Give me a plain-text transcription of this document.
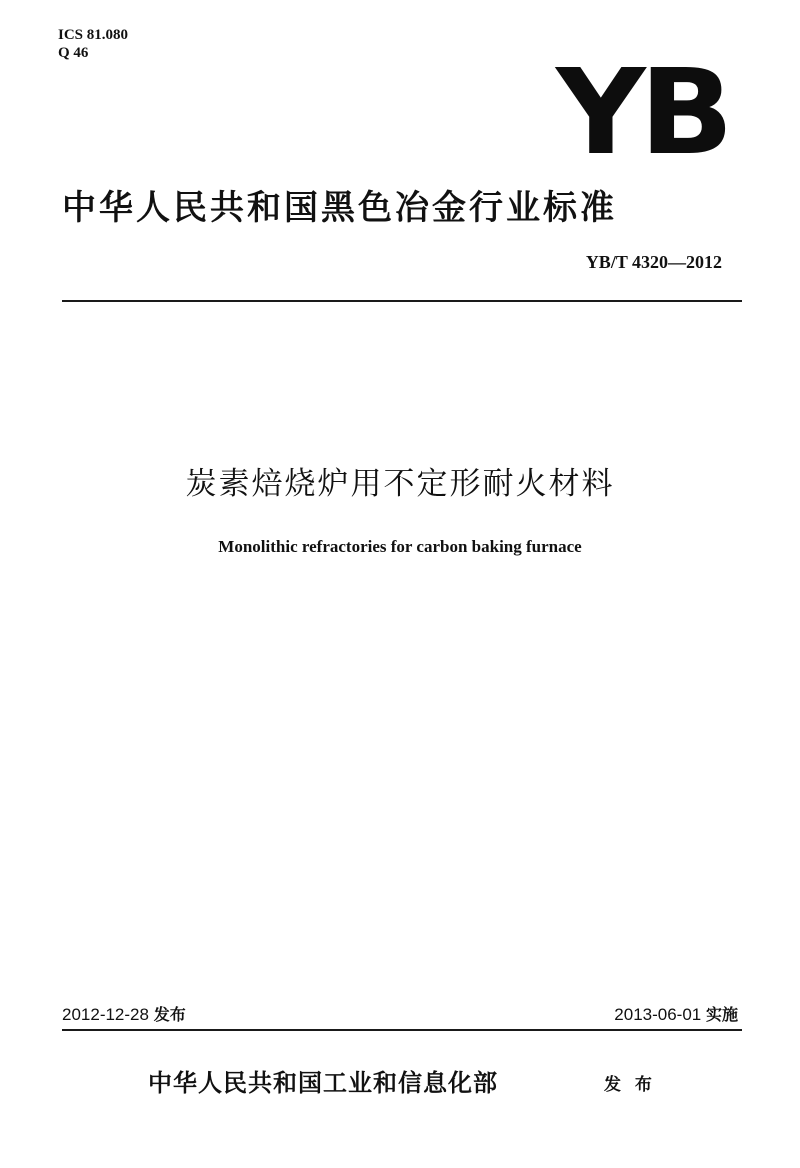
ICS 81.080
Q 46	YB
中华人民共和国黑色冶金行业标准
YB/T 4320—2012
炭素焙烧炉用不定形耐火材料
Monolithic refractories for carbon baking furnace
2012-12-28 发布	2013-06-01 实施
中华人民共和国工业和信息化部	发 布
